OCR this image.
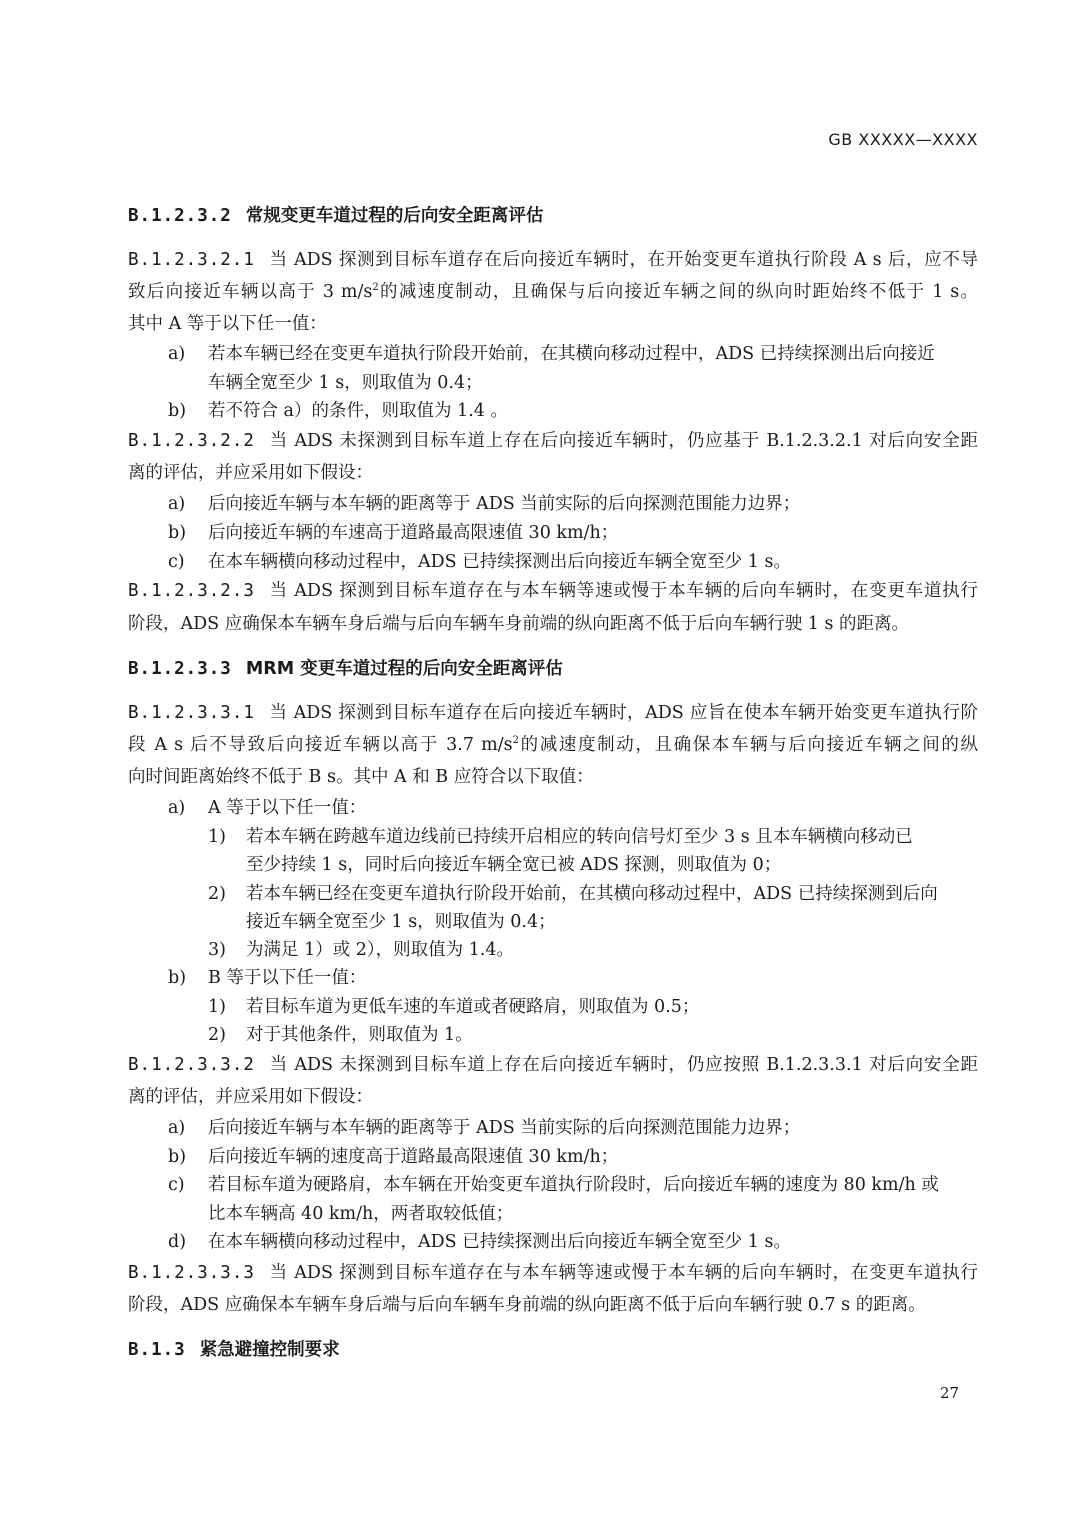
GB XXXXX—XXXX
B.1.2.3.2 常规变更车道过程的后向安全距离评估
B.1.2.3.2.1 当 ADS 探测到目标车道存在后向接近车辆时，在开始变更车道执行阶段 A s 后，应不导
致后向接近车辆以高于 3 $m/s^2$的减速度制动，且确保与后向接近车辆之间的纵向时距始终不低于 1 s。
其中 A 等于以下任一值：
a) 若本车辆已经在变更车道执行阶段开始前，在其横向移动过程中，ADS 已持续探测出后向接近
车辆全宽至少 1 s，则取值为 0.4；
b) 若不符合 a）的条件，则取值为 1.4 。
B.1.2.3.2.2 当 ADS 未探测到目标车道上存在后向接近车辆时，仍应基于 B.1.2.3.2.1 对后向安全距
离的评估，并应采用如下假设：
a) 后向接近车辆与本车辆的距离等于 ADS 当前实际的后向探测范围能力边界；
b) 后向接近车辆的车速高于道路最高限速值 30 km/h；
c) 在本车辆横向移动过程中，ADS 已持续探测出后向接近车辆全宽至少 1 s。
B.1.2.3.2.3 当 ADS 探测到目标车道存在与本车辆等速或慢于本车辆的后向车辆时，在变更车道执行
阶段，ADS 应确保本车辆车身后端与后向车辆车身前端的纵向距离不低于后向车辆行驶 1 s 的距离。
B.1.2.3.3 MRM 变更车道过程的后向安全距离评估
B.1.2.3.3.1 当 ADS 探测到目标车道存在后向接近车辆时，ADS 应旨在使本车辆开始变更车道执行阶
段 A s 后不导致后向接近车辆以高于 3.7 $m/s^2$的减速度制动，且确保本车辆与后向接近车辆之间的纵
向时间距离始终不低于 B s。其中 A 和 B 应符合以下取值：
a) A 等于以下任一值：
1) 若本车辆在跨越车道边线前已持续开启相应的转向信号灯至少 3 s 且本车辆横向移动已
至少持续 1 s，同时后向接近车辆全宽已被 ADS 探测，则取值为 0；
2) 若本车辆已经在变更车道执行阶段开始前，在其横向移动过程中，ADS 已持续探测到后向
接近车辆全宽至少 1 s，则取值为 0.4；
3) 为满足 1）或 2），则取值为 1.4。
b) B 等于以下任一值：
1) 若目标车道为更低车速的车道或者硬路肩，则取值为 0.5；
2) 对于其他条件，则取值为 1。
B.1.2.3.3.2 当 ADS 未探测到目标车道上存在后向接近车辆时，仍应按照 B.1.2.3.3.1 对后向安全距
离的评估，并应采用如下假设：
a) 后向接近车辆与本车辆的距离等于 ADS 当前实际的后向探测范围能力边界；
b) 后向接近车辆的速度高于道路最高限速值 30 km/h；
c) 若目标车道为硬路肩，本车辆在开始变更车道执行阶段时，后向接近车辆的速度为 80 km/h 或
比本车辆高 40 km/h，两者取较低值；
d) 在本车辆横向移动过程中，ADS 已持续探测出后向接近车辆全宽至少 1 s。
B.1.2.3.3.3 当 ADS 探测到目标车道存在与本车辆等速或慢于本车辆的后向车辆时，在变更车道执行
阶段，ADS 应确保本车辆车身后端与后向车辆车身前端的纵向距离不低于后向车辆行驶 0.7 s 的距离。
B.1.3 紧急避撞控制要求
27
